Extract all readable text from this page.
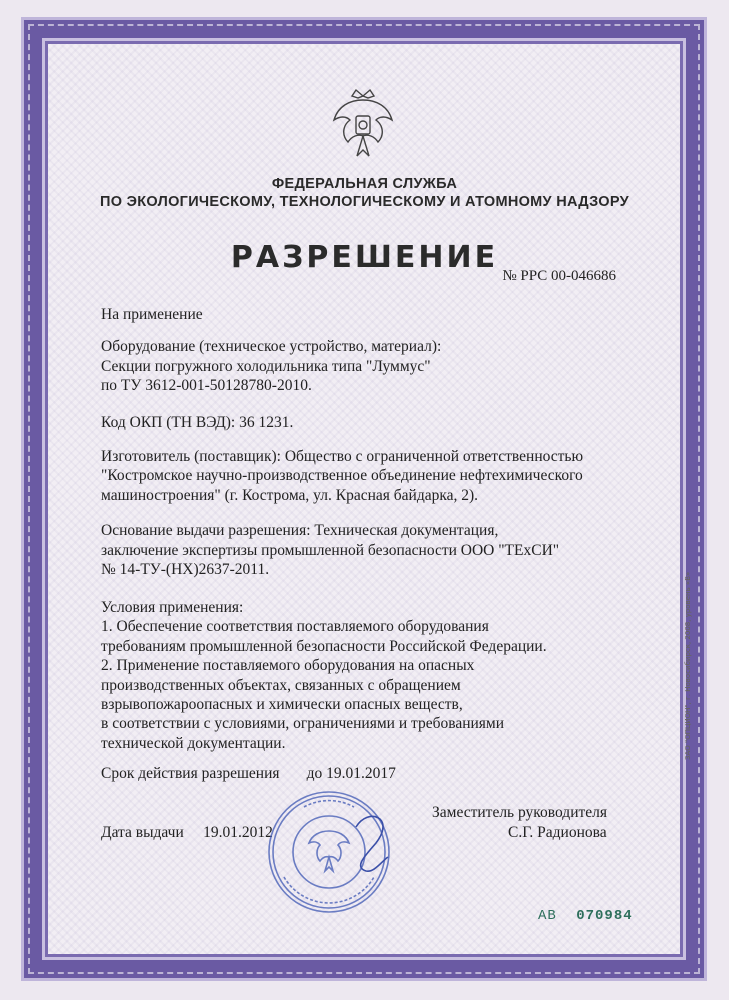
ФЕДЕРАЛЬНАЯ СЛУЖБА
ПО ЭКОЛОГИЧЕСКОМУ, ТЕХНОЛОГИЧЕСКОМУ И АТОМНОМУ НАДЗОРУ
РАЗРЕШЕНИЕ
№ РРС 00-046686
На применение
Оборудование (техническое устройство, материал):
Секции погружного холодильника типа "Луммус"
по ТУ 3612-001-50128780-2010.
Код ОКП (ТН ВЭД): 36 1231.
Изготовитель (поставщик): Общество с ограниченной ответственностью
"Костромское научно-производственное объединение нефтехимического
машиностроения" (г. Кострома, ул. Красная байдарка, 2).
Основание выдачи разрешения: Техническая документация,
заключение экспертизы промышленной безопасности ООО "ТЕхСИ"
№ 14-ТУ-(НХ)2637-2011.
Условия применения:
1. Обеспечение соответствия поставляемого оборудования
требованиям промышленной безопасности Российской Федерации.
2. Применение поставляемого оборудования на опасных
производственных объектах, связанных с обращением
взрывопожароопасных и химически опасных веществ,
в соответствии с условиями, ограничениями и требованиями
технической документации.
Срок действия разрешения       до 19.01.2017
Дата выдачи     19.01.2012
Заместитель руководителя
С.Г. Радионова
АВ 070984
ЗАО "ОПЦИОН", г. Новосибирск, 2008, уровень «В»
